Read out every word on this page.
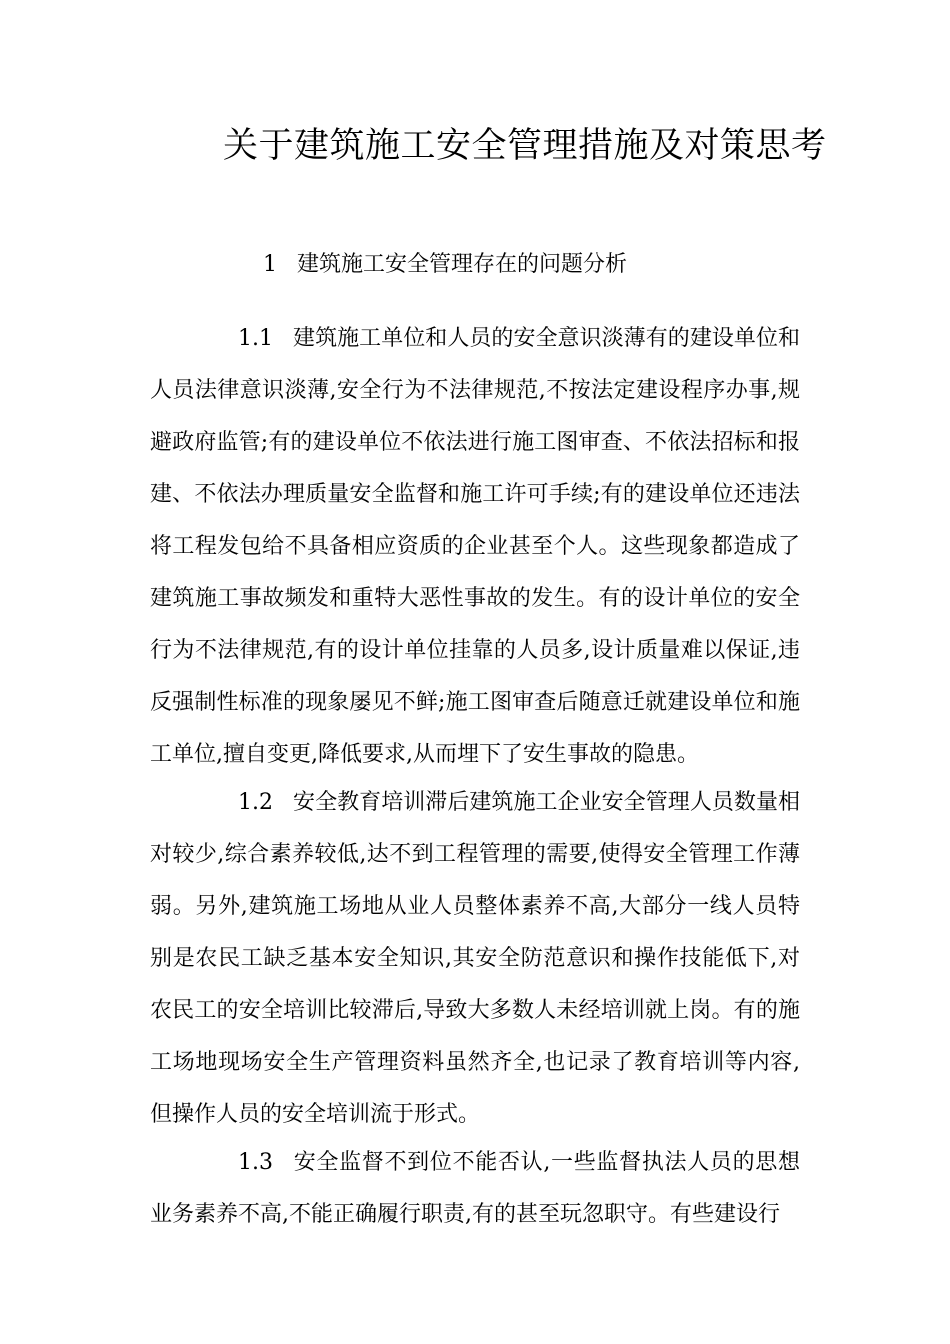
关于建筑施工安全管理措施及对策思考
1 建筑施工安全管理存在的问题分析

1.1 建筑施工单位和人员的安全意识淡薄有的建设单位和人员法律意识淡薄,安全行为不法律规范,不按法定建设程序办事,规避政府监管;有的建设单位不依法进行施工图审查、不依法招标和报建、不依法办理质量安全监督和施工许可手续;有的建设单位还违法将工程发包给不具备相应资质的企业甚至个人。这些现象都造成了建筑施工事故频发和重特大恶性事故的发生。有的设计单位的安全行为不法律规范,有的设计单位挂靠的人员多,设计质量难以保证,违反强制性标准的现象屡见不鲜;施工图审查后随意迁就建设单位和施工单位,擅自变更,降低要求,从而埋下了安生事故的隐患。

1.2 安全教育培训滞后建筑施工企业安全管理人员数量相对较少,综合素养较低,达不到工程管理的需要,使得安全管理工作薄弱。另外,建筑施工场地从业人员整体素养不高,大部分一线人员特别是农民工缺乏基本安全知识,其安全防范意识和操作技能低下,对农民工的安全培训比较滞后,导致大多数人未经培训就上岗。有的施工场地现场安全生产管理资料虽然齐全,也记录了教育培训等内容,但操作人员的安全培训流于形式。

1.3 安全监督不到位不能否认,一些监督执法人员的思想业务素养不高,不能正确履行职责,有的甚至玩忽职守。有些建设行
